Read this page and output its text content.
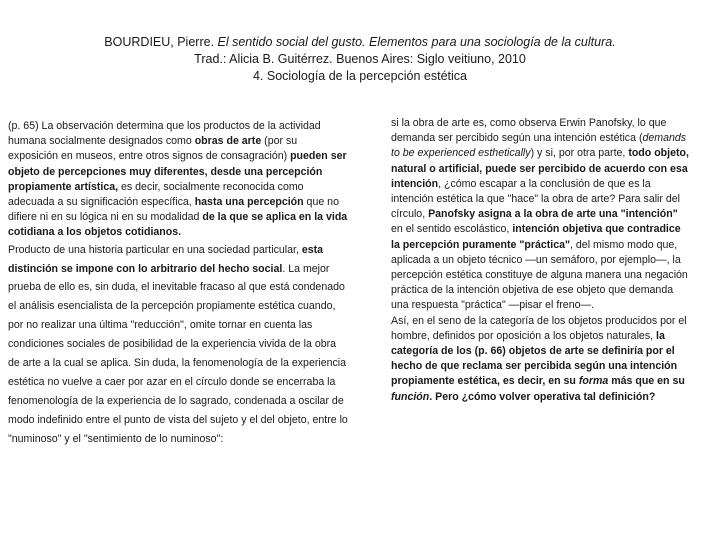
BOURDIEU, Pierre. El sentido social del gusto. Elementos para una sociología de la cultura.
Trad.: Alicia B. Guitérrez. Buenos Aires: Siglo veitiuno, 2010
4. Sociología de la percepción estética

(p. 65) La observación determina que los productos de la actividad humana socialmente designados como obras de arte (por su exposición en museos, entre otros signos de consagración) pueden ser objeto de percepciones muy diferentes, desde una percepción propiamente artística, es decir, socialmente reconocida como adecuada a su significación específica, hasta una percepción que no difiere ni en su lógica ni en su modalidad de la que se aplica en la vida cotidiana a los objetos cotidianos.

Producto de una historia particular en una sociedad particular, esta distinción se impone con lo arbitrario del hecho social. La mejor prueba de ello es, sin duda, el inevitable fracaso al que está condenado el análisis esencialista de la percepción propiamente estética cuando, por no realizar una última "reducción", omite tornar en cuenta las condiciones sociales de posibilidad de la experiencia vivida de la obra de arte a la cual se aplica. Sin duda, la fenomenología de la experiencia estética no vuelve a caer por azar en el círculo donde se encerraba la fenomenología de la experiencia de lo sagrado, condenada a oscilar de modo indefinido entre el punto de vista del sujeto y el del objeto, entre lo "numinoso" y el "sentimiento de lo numinoso":

si la obra de arte es, como observa Erwin Panofsky, lo que demanda ser percibido según una intención estética (demands to be experienced esthetically) y si, por otra parte, todo objeto, natural o artificial, puede ser percibido de acuerdo con esa intención, ¿cómo escapar a la conclusión de que es la intención estética la que "hace" la obra de arte? Para salir del círculo, Panofsky asigna a la obra de arte una "intención" en el sentido escolástico, intención objetiva que contradice la percepción puramente "práctica", del mismo modo que, aplicada a un objeto técnico —un semáforo, por ejemplo—, la percepción estética constituye de alguna manera una negación práctica de la intención objetiva de ese objeto que demanda una respuesta "práctica" —pisar el freno—.

Así, en el seno de la categoría de los objetos producidos por el hombre, definidos por oposición a los objetos naturales, la categoría de los (p. 66) objetos de arte se definiría por el hecho de que reclama ser percibida según una intención propiamente estética, es decir, en su forma más que en su función. Pero ¿cómo volver operativa tal definición?
